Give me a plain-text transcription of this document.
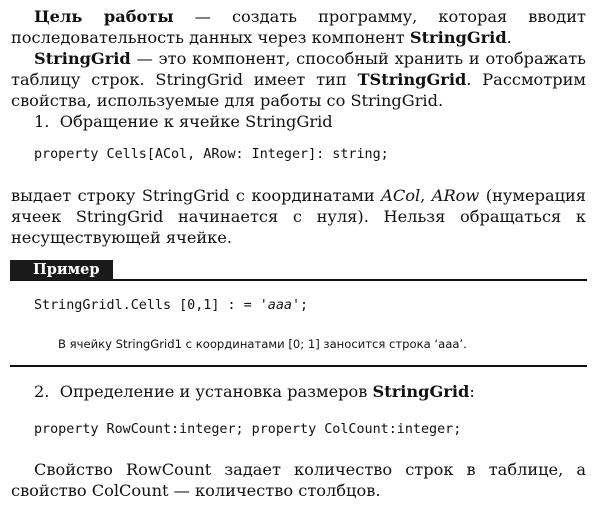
Цель работы — создать программу, которая вводит последовательность данных через компонент StringGrid.

StringGrid — это компонент, способный хранить и отображать таблицу строк. StringGrid имеет тип TStringGrid. Рассмотрим свойства, используемые для работы со StringGrid.

1. Обращение к ячейке StringGrid

property Cells[ACol, ARow: Integer]: string;

выдает строку StringGrid с координатами ACol, ARow (нумерация ячеек StringGrid начинается с нуля). Нельзя обращаться к несуществующей ячейке.

Пример
StringGridl.Cells [0,1] : = 'aaa';
В ячейку StringGrid1 с координатами [0; 1] заносится строка ‘aaa’.

2. Определение и установка размеров StringGrid:

property RowCount:integer; property ColCount:integer;

Свойство RowCount задает количество строк в таблице, а свойство ColCount — количество столбцов.
